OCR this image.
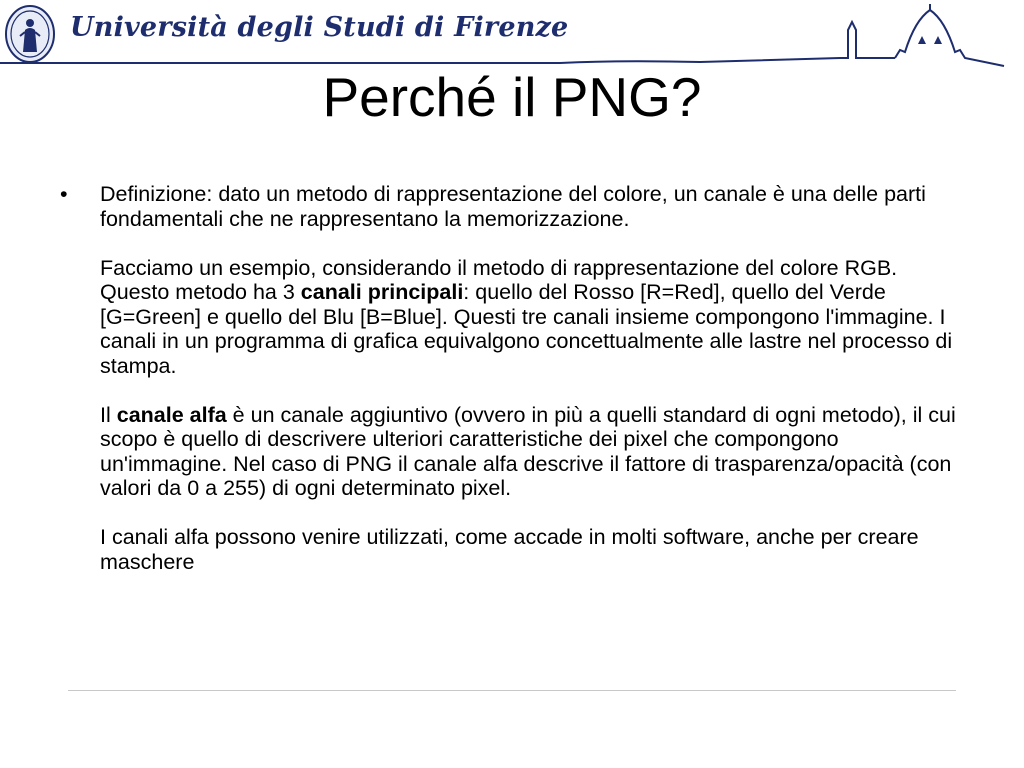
Università degli Studi di Firenze
Perché il PNG?
•	Definizione: dato un metodo di rappresentazione del colore, un canale è una delle parti fondamentali che ne rappresentano la memorizzazione.

Facciamo un esempio, considerando il metodo di rappresentazione del colore RGB. Questo metodo ha 3 canali principali: quello del Rosso [R=Red], quello del Verde [G=Green] e quello del Blu [B=Blue]. Questi tre canali insieme compongono l'immagine. I canali in un programma di grafica equivalgono concettualmente alle lastre nel processo di stampa.

Il canale alfa è un canale aggiuntivo (ovvero in più a quelli standard di ogni metodo), il cui scopo è quello di descrivere ulteriori caratteristiche dei pixel che compongono un'immagine. Nel caso di PNG il canale alfa descrive il fattore di trasparenza/opacità (con valori da 0 a 255) di ogni determinato pixel.

I canali alfa possono venire utilizzati, come accade in molti software, anche per creare maschere
